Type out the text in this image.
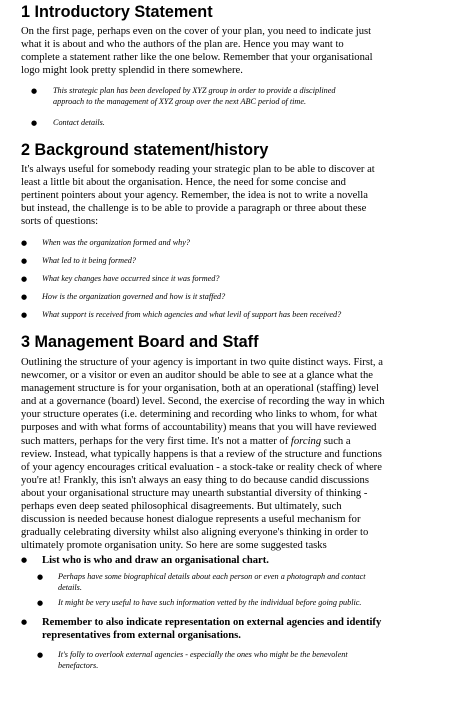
1 Introductory Statement
On the first page, perhaps even on the cover of your plan, you need to indicate just
what it is about and who the authors of the plan are. Hence you may want to
complete a statement rather like the one below. Remember that your organisational
logo might look pretty splendid in there somewhere.
● This strategic plan has been developed by XYZ group in order to provide a disciplined
approach to the management of XYZ group over the next ABC period of time.
● Contact details.
2 Background statement/history
It's always useful for somebody reading your strategic plan to be able to discover at
least a little bit about the organisation. Hence, the need for some concise and
pertinent pointers about your agency. Remember, the idea is not to write a novella
but instead, the challenge is to be able to provide a paragraph or three about these
sorts of questions:
● When was the organization formed and why?
● What led to it being formed?
● What key changes have occurred since it was formed?
● How is the organization governed and how is it staffed?
● What support is received from which agencies and what levil of support has been received?
3 Management Board and Staff
Outlining the structure of your agency is important in two quite distinct ways. First, a
newcomer, or a visitor or even an auditor should be able to see at a glance what the
management structure is for your organisation, both at an operational (staffing) level
and at a governance (board) level. Second, the exercise of recording the way in which
your structure operates (i.e. determining and recording who links to whom, for what
purposes and with what forms of accountability) means that you will have reviewed
such matters, perhaps for the very first time. It's not a matter of forcing such a
review. Instead, what typically happens is that a review of the structure and functions
of your agency encourages critical evaluation - a stock-take or reality check of where
you're at! Frankly, this isn't always an easy thing to do because candid discussions
about your organisational structure may unearth substantial diversity of thinking -
perhaps even deep seated philosophical disagreements. But ultimately, such
discussion is needed because honest dialogue represents a useful mechanism for
gradually celebrating diversity whilst also aligning everyone's thinking in order to
ultimately promote organisation unity. So here are some suggested tasks
● List who is who and draw an organisational chart.
● Perhaps have some biographical details about each person or even a photograph and contact
details.
● It might be very useful to have such information vetted by the individual before going public.
● Remember to also indicate representation on external agencies and identify
representatives from external organisations.
● It's folly to overlook external agencies - especially the ones who might be the benevolent
benefactors.
